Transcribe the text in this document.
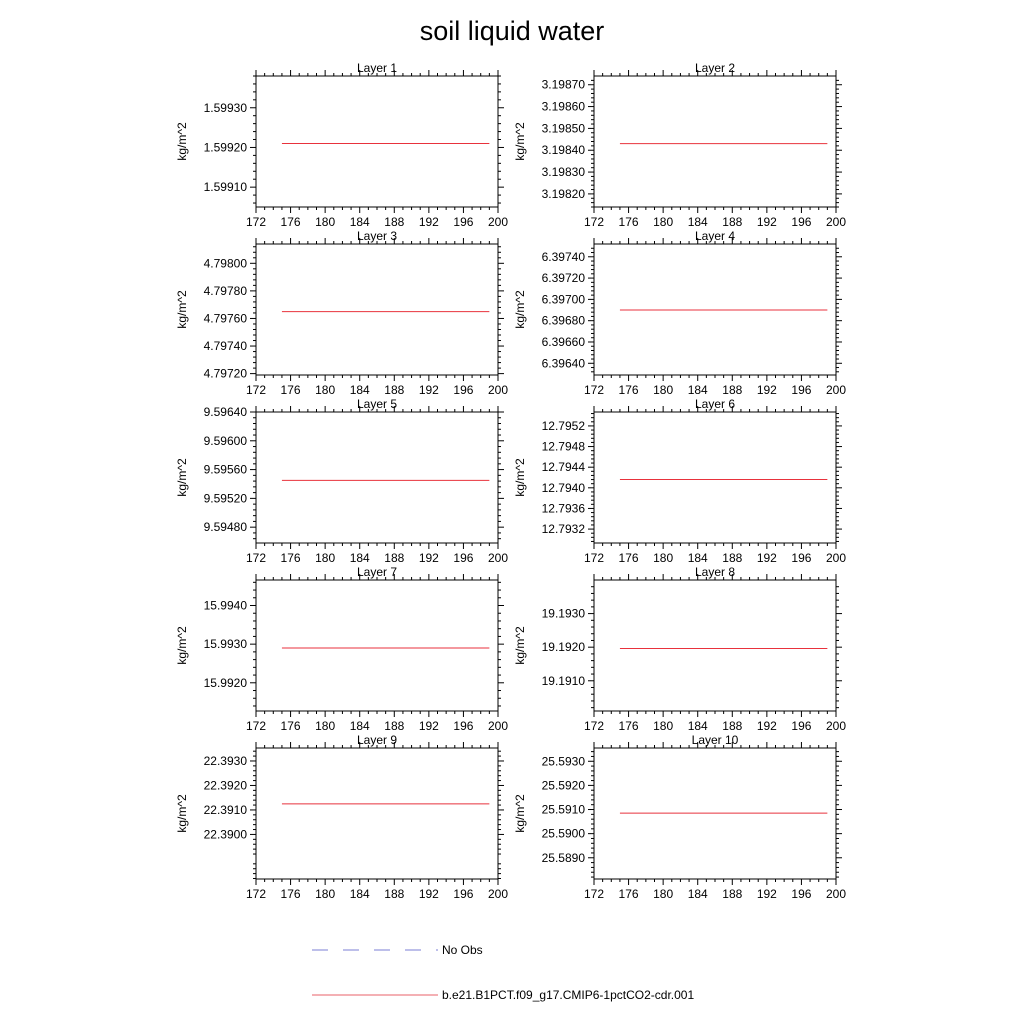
soil liquid water
Layer 1
172 176 180 184 188 192 196 200
1.59930
1.59920
1.59910
kg/m^2
Layer 2
172 176 180 184 188 192 196 200
3.19870
3.19860
3.19850
3.19840
3.19830
3.19820
kg/m^2
Layer 3
172 176 180 184 188 192 196 200
4.79800
4.79780
4.79760
4.79740
4.79720
kg/m^2
Layer 4
172 176 180 184 188 192 196 200
6.39740
6.39720
6.39700
6.39680
6.39660
6.39640
kg/m^2
Layer 5
172 176 180 184 188 192 196 200
9.59640
9.59600
9.59560
9.59520
9.59480
kg/m^2
Layer 6
172 176 180 184 188 192 196 200
12.7952
12.7948
12.7944
12.7940
12.7936
12.7932
kg/m^2
Layer 7
172 176 180 184 188 192 196 200
15.9940
15.9930
15.9920
kg/m^2
Layer 8
172 176 180 184 188 192 196 200
19.1930
19.1920
19.1910
kg/m^2
Layer 9
172 176 180 184 188 192 196 200
22.3930
22.3920
22.3910
22.3900
kg/m^2
Layer 10
172 176 180 184 188 192 196 200
25.5930
25.5920
25.5910
25.5900
25.5890
kg/m^2
No Obs
b.e21.B1PCT.f09_g17.CMIP6-1pctCO2-cdr.001
